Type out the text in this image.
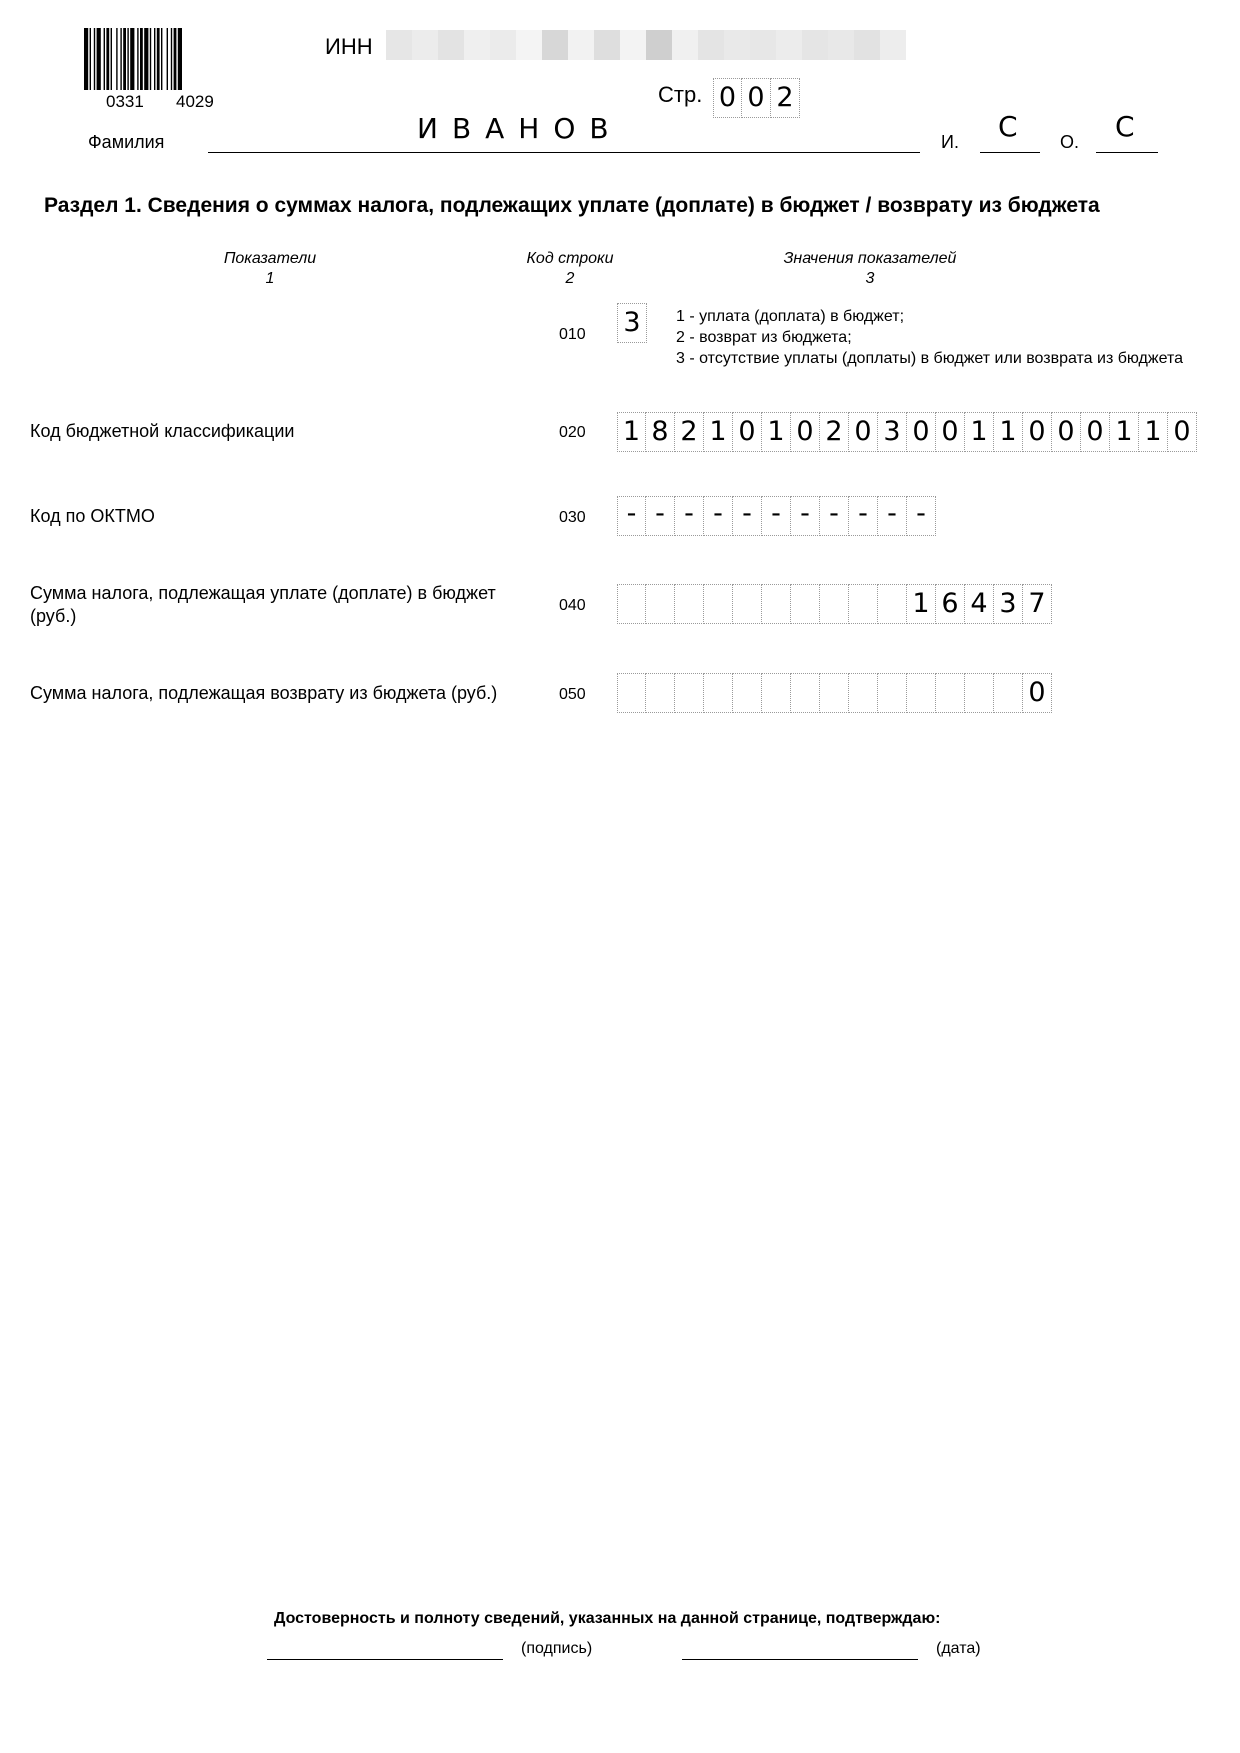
0331 4029
ИНН
Стр. 0 0 2
Фамилия	ИВАНОВ	И. С О. С
Раздел 1. Сведения о суммах налога, подлежащих уплате (доплате) в бюджет / возврату из бюджета
Показатели
1
Код строки
2
Значения показателей
3
010 3	1 - уплата (доплата) в бюджет;
2 - возврат из бюджета;
3 - отсутствие уплаты (доплаты) в бюджет или возврата из бюджета
Код бюджетной классификации	020 1 8 2 1 0 1 0 2 0 3 0 0 1 1 0 0 0 1 1 0
Код по ОКТМО	030	- - - - - - - - - - -
Сумма налога, подлежащая уплате (доплате) в бюджет
(руб.)
040	1 6 4 3 7
Сумма налога, подлежащая возврату из бюджета (руб.)	050	0
Достоверность и полноту сведений, указанных на данной странице, подтверждаю:
(подпись)	(дата)
